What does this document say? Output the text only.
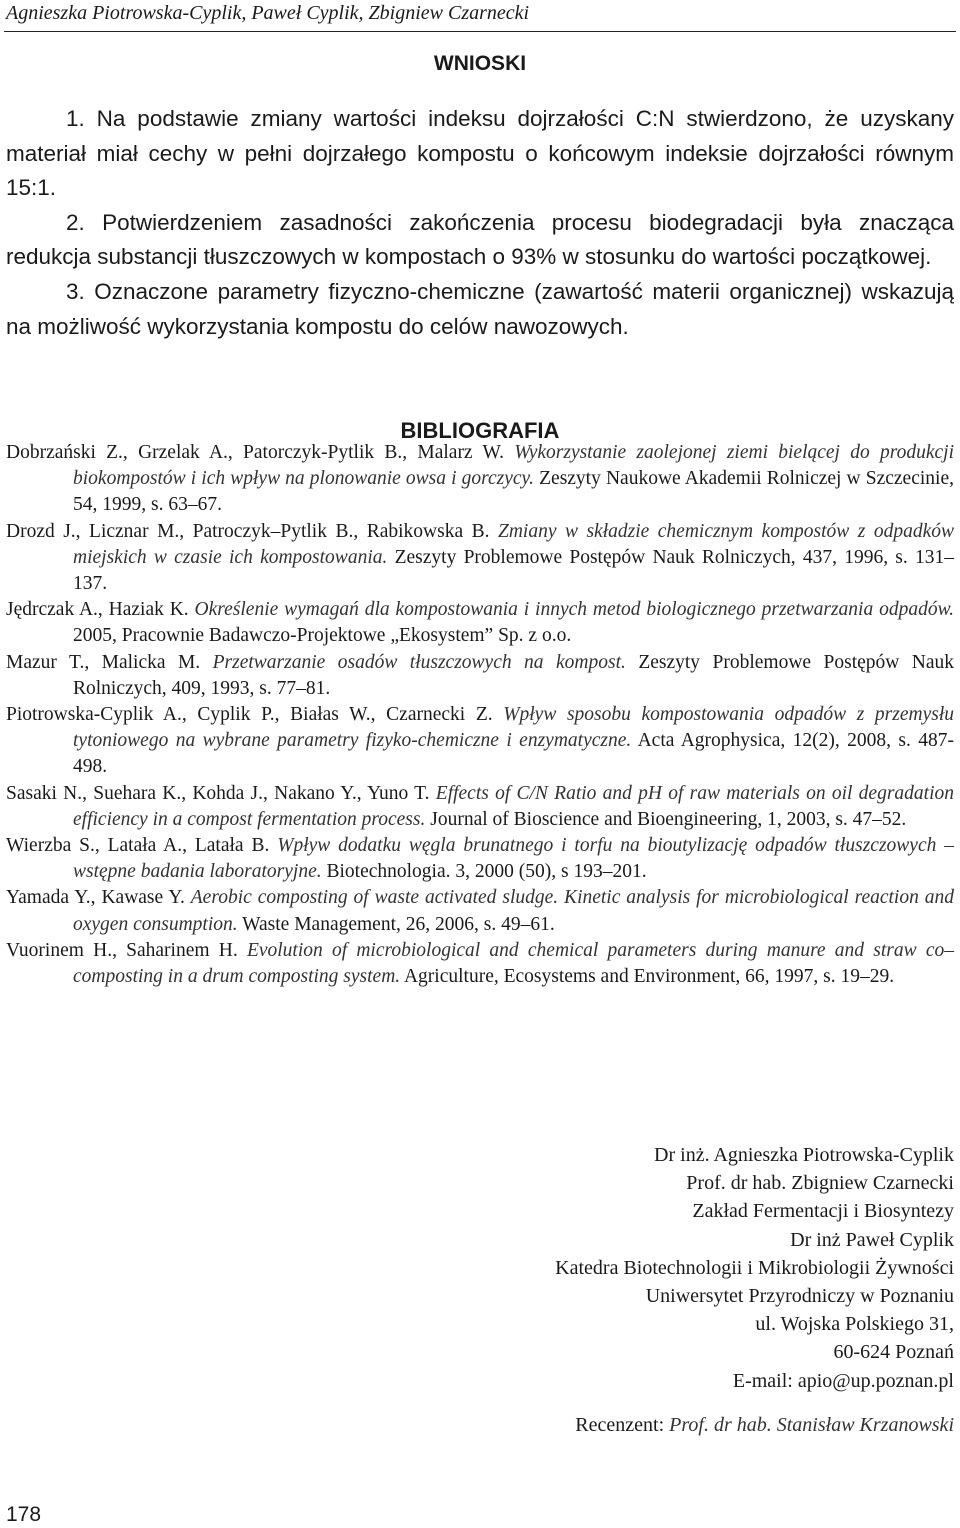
Agnieszka Piotrowska-Cyplik, Paweł Cyplik, Zbigniew Czarnecki
WNIOSKI

1. Na podstawie zmiany wartości indeksu dojrzałości C:N stwierdzono, że uzyskany materiał miał cechy w pełni dojrzałego kompostu o końcowym indeksie dojrzałości równym 15:1.

2. Potwierdzeniem zasadności zakończenia procesu biodegradacji była znacząca redukcja substancji tłuszczowych w kompostach o 93% w stosunku do wartości początkowej.

3. Oznaczone parametry fizyczno-chemiczne (zawartość materii organicznej) wskazują na możliwość wykorzystania kompostu do celów nawozowych.

BIBLIOGRAFIA

Dobrzański Z., Grzelak A., Patorczyk-Pytlik B., Malarz W. Wykorzystanie zaolejonej ziemi bielącej do produkcji biokompostów i ich wpływ na plonowanie owsa i gorczycy. Zeszyty Naukowe Akademii Rolniczej w Szczecinie, 54, 1999, s. 63–67.

Drozd J., Licznar M., Patroczyk–Pytlik B., Rabikowska B. Zmiany w składzie chemicznym kompostów z odpadków miejskich w czasie ich kompostowania. Zeszyty Problemowe Postępów Nauk Rolniczych, 437, 1996, s. 131–137.

Jędrczak A., Haziak K. Określenie wymagań dla kompostowania i innych metod biologicznego przetwarzania odpadów. 2005, Pracownie Badawczo-Projektowe „Ekosystem” Sp. z o.o.

Mazur T., Malicka M. Przetwarzanie osadów tłuszczowych na kompost. Zeszyty Problemowe Postępów Nauk Rolniczych, 409, 1993, s. 77–81.

Piotrowska-Cyplik A., Cyplik P., Białas W., Czarnecki Z. Wpływ sposobu kompostowania odpadów z przemysłu tytoniowego na wybrane parametry fizyko-chemiczne i enzymatyczne. Acta Agrophysica, 12(2), 2008, s. 487-498.

Sasaki N., Suehara K., Kohda J., Nakano Y., Yuno T. Effects of C/N Ratio and pH of raw materials on oil degradation efficiency in a compost fermentation process. Journal of Bioscience and Bioengineering, 1, 2003, s. 47–52.

Wierzba S., Latała A., Latała B. Wpływ dodatku węgla brunatnego i torfu na bioutylizację odpadów tłuszczowych – wstępne badania laboratoryjne. Biotechnologia. 3, 2000 (50), s 193–201.

Yamada Y., Kawase Y. Aerobic composting of waste activated sludge. Kinetic analysis for microbiological reaction and oxygen consumption. Waste Management, 26, 2006, s. 49–61.

Vuorinem H., Saharinem H. Evolution of microbiological and chemical parameters during manure and straw co–composting in a drum composting system. Agriculture, Ecosystems and Environment, 66, 1997, s. 19–29.

Dr inż. Agnieszka Piotrowska-Cyplik
Prof. dr hab. Zbigniew Czarnecki
Zakład Fermentacji i Biosyntezy
Dr inż Paweł Cyplik
Katedra Biotechnologii i Mikrobiologii Żywności
Uniwersytet Przyrodniczy w Poznaniu
ul. Wojska Polskiego 31,
60-624 Poznań
E-mail: apio@up.poznan.pl
Recenzent: Prof. dr hab. Stanisław Krzanowski
178
